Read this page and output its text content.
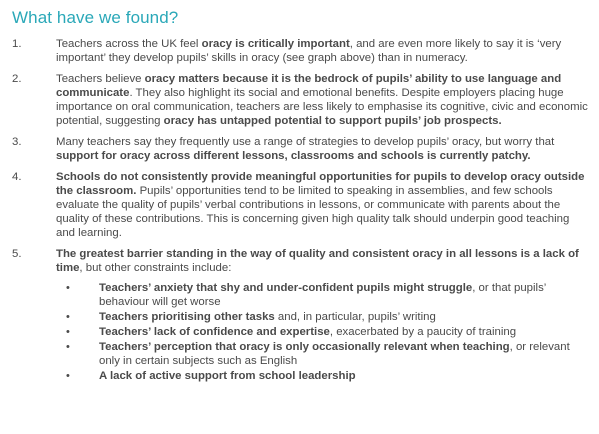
What have we found?
1.	Teachers across the UK feel oracy is critically important, and are even more likely to say it is ‘very important’ they develop pupils’ skills in oracy (see graph above) than in numeracy.
2.	Teachers believe oracy matters because it is the bedrock of pupils’ ability to use language and communicate. They also highlight its social and emotional benefits. Despite employers placing huge importance on oral communication, teachers are less likely to emphasise its cognitive, civic and economic potential, suggesting oracy has untapped potential to support pupils’ job prospects.
3.	Many teachers say they frequently use a range of strategies to develop pupils’ oracy, but worry that support for oracy across different lessons, classrooms and schools is currently patchy.
4.	Schools do not consistently provide meaningful opportunities for pupils to develop oracy outside the classroom. Pupils’ opportunities tend to be limited to speaking in assemblies, and few schools evaluate the quality of pupils’ verbal contributions in lessons, or communicate with parents about the quality of these contributions. This is concerning given high quality talk should underpin good teaching and learning.
5.	The greatest barrier standing in the way of quality and consistent oracy in all lessons is a lack of time, but other constraints include:
•	Teachers’ anxiety that shy and under-confident pupils might struggle, or that pupils’ behaviour will get worse
•	Teachers prioritising other tasks and, in particular, pupils’ writing
•	Teachers’ lack of confidence and expertise, exacerbated by a paucity of training
•	Teachers’ perception that oracy is only occasionally relevant when teaching, or relevant only in certain subjects such as English
•	A lack of active support from school leadership
